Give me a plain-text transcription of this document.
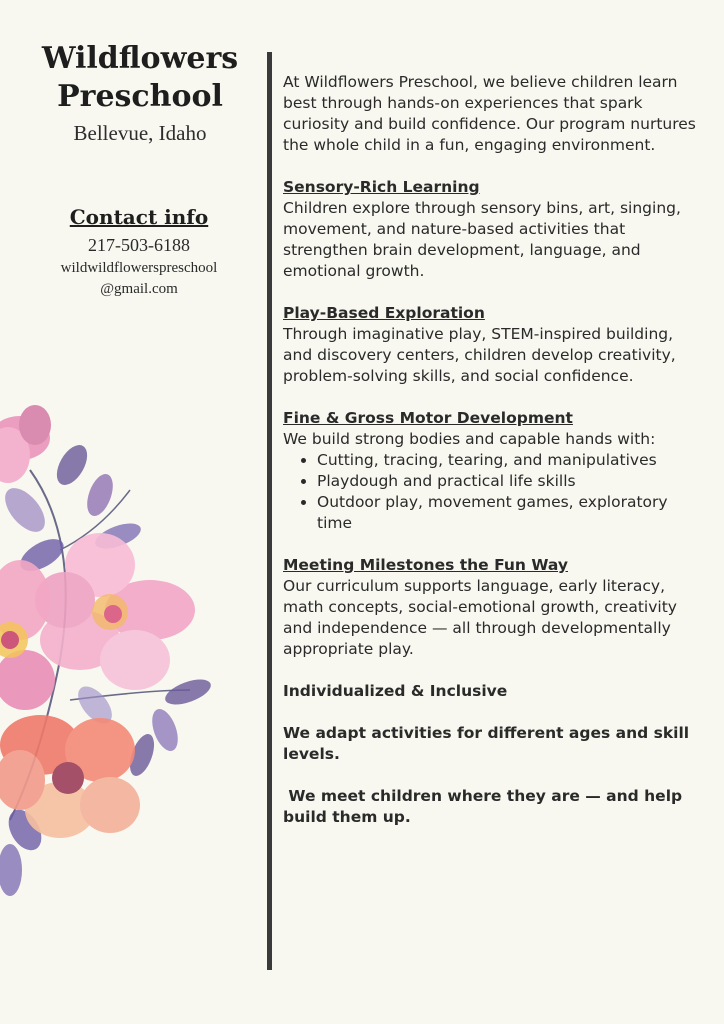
Wildflowers
Preschool
Bellevue, Idaho
Contact info
217-503-6188
wildwildflowerspreschool
@gmail.com

At Wildflowers Preschool, we believe children learn best through hands-on experiences that spark curiosity and build confidence. Our program nurtures the whole child in a fun, engaging environment.

Sensory-Rich Learning

Children explore through sensory bins, art, singing, movement, and nature-based activities that strengthen brain development, language, and emotional growth.

Play-Based Exploration

Through imaginative play, STEM-inspired building, and discovery centers, children develop creativity, problem-solving skills, and social confidence.

Fine & Gross Motor Development

We build strong bodies and capable hands with:

• Cutting, tracing, tearing, and manipulatives
• Playdough and practical life skills
• Outdoor play, movement games, exploratory time

Meeting Milestones the Fun Way

Our curriculum supports language, early literacy, math concepts, social-emotional growth, creativity and independence — all through developmentally appropriate play.

Individualized & Inclusive

We adapt activities for different ages and skill levels.

We meet children where they are — and help build them up.
